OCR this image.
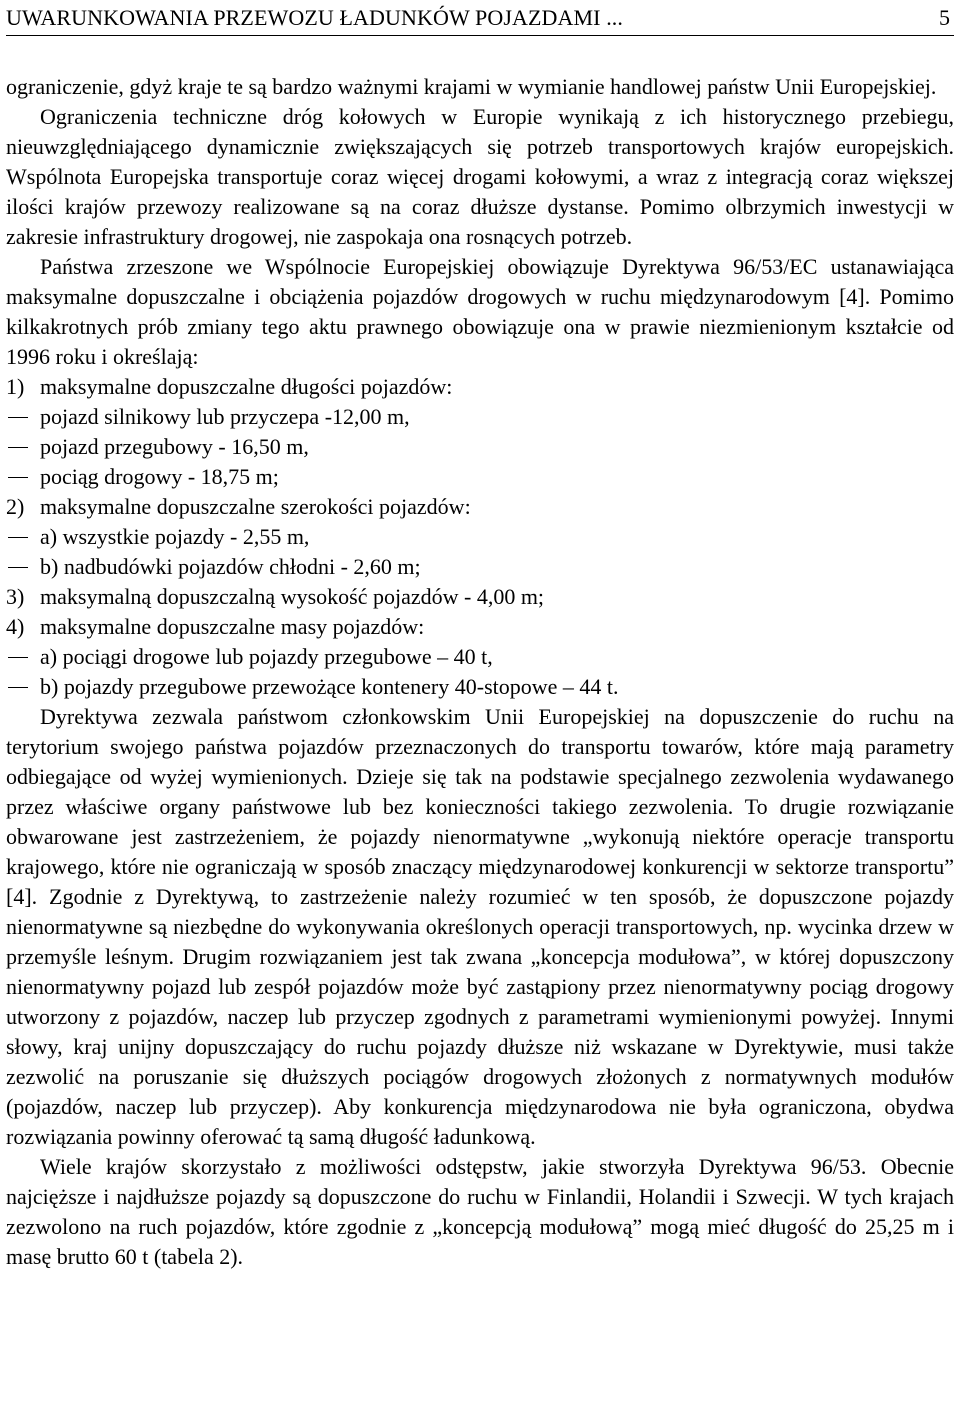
UWARUNKOWANIA PRZEWOZU ŁADUNKÓW POJAZDAMI ...	5

ograniczenie, gdyż kraje te są bardzo ważnymi krajami w wymianie handlowej państw Unii Europejskiej.

Ograniczenia techniczne dróg kołowych w Europie wynikają z ich historycznego przebiegu, nieuwzględniającego dynamicznie zwiększających się potrzeb transportowych krajów europejskich. Wspólnota Europejska transportuje coraz więcej drogami kołowymi, a wraz z integracją coraz większej ilości krajów przewozy realizowane są na coraz dłuższe dystanse. Pomimo olbrzymich inwestycji w zakresie infrastruktury drogowej, nie zaspokaja ona rosnących potrzeb.

Państwa zrzeszone we Wspólnocie Europejskiej obowiązuje Dyrektywa 96/53/EC ustanawiająca maksymalne dopuszczalne i obciążenia pojazdów drogowych w ruchu międzynarodowym [4]. Pomimo kilkakrotnych prób zmiany tego aktu prawnego obowiązuje ona w prawie niezmienionym kształcie od 1996 roku i określają:

1) maksymalne dopuszczalne długości pojazdów:
pojazd silnikowy lub przyczepa -12,00 m,
pojazd przegubowy - 16,50 m,
pociąg drogowy - 18,75 m;
2) maksymalne dopuszczalne szerokości pojazdów:
a) wszystkie pojazdy - 2,55 m,
b) nadbudówki pojazdów chłodni - 2,60 m;
3) maksymalną dopuszczalną wysokość pojazdów - 4,00 m;
4) maksymalne dopuszczalne masy pojazdów:
a) pociągi drogowe lub pojazdy przegubowe – 40 t,
b) pojazdy przegubowe przewożące kontenery 40-stopowe – 44 t.

Dyrektywa zezwala państwom członkowskim Unii Europejskiej na dopuszczenie do ruchu na terytorium swojego państwa pojazdów przeznaczonych do transportu towarów, które mają parametry odbiegające od wyżej wymienionych. Dzieje się tak na podstawie specjalnego zezwolenia wydawanego przez właściwe organy państwowe lub bez konieczności takiego zezwolenia. To drugie rozwiązanie obwarowane jest zastrzeżeniem, że pojazdy nienormatywne „wykonują niektóre operacje transportu krajowego, które nie ograniczają w sposób znaczący międzynarodowej konkurencji w sektorze transportu” [4]. Zgodnie z Dyrektywą, to zastrzeżenie należy rozumieć w ten sposób, że dopuszczone pojazdy nienormatywne są niezbędne do wykonywania określonych operacji transportowych, np. wycinka drzew w przemyśle leśnym. Drugim rozwiązaniem jest tak zwana „koncepcja modułowa”, w której dopuszczony nienormatywny pojazd lub zespół pojazdów może być zastąpiony przez nienormatywny pociąg drogowy utworzony z pojazdów, naczep lub przyczep zgodnych z parametrami wymienionymi powyżej. Innymi słowy, kraj unijny dopuszczający do ruchu pojazdy dłuższe niż wskazane w Dyrektywie, musi także zezwolić na poruszanie się dłuższych pociągów drogowych złożonych z normatywnych modułów (pojazdów, naczep lub przyczep). Aby konkurencja międzynarodowa nie była ograniczona, obydwa rozwiązania powinny oferować tą samą długość ładunkową.

Wiele krajów skorzystało z możliwości odstępstw, jakie stworzyła Dyrektywa 96/53. Obecnie najcięższe i najdłuższe pojazdy są dopuszczone do ruchu w Finlandii, Holandii i Szwecji. W tych krajach zezwolono na ruch pojazdów, które zgodnie z „koncepcją modułową” mogą mieć długość do 25,25 m i masę brutto 60 t (tabela 2).
